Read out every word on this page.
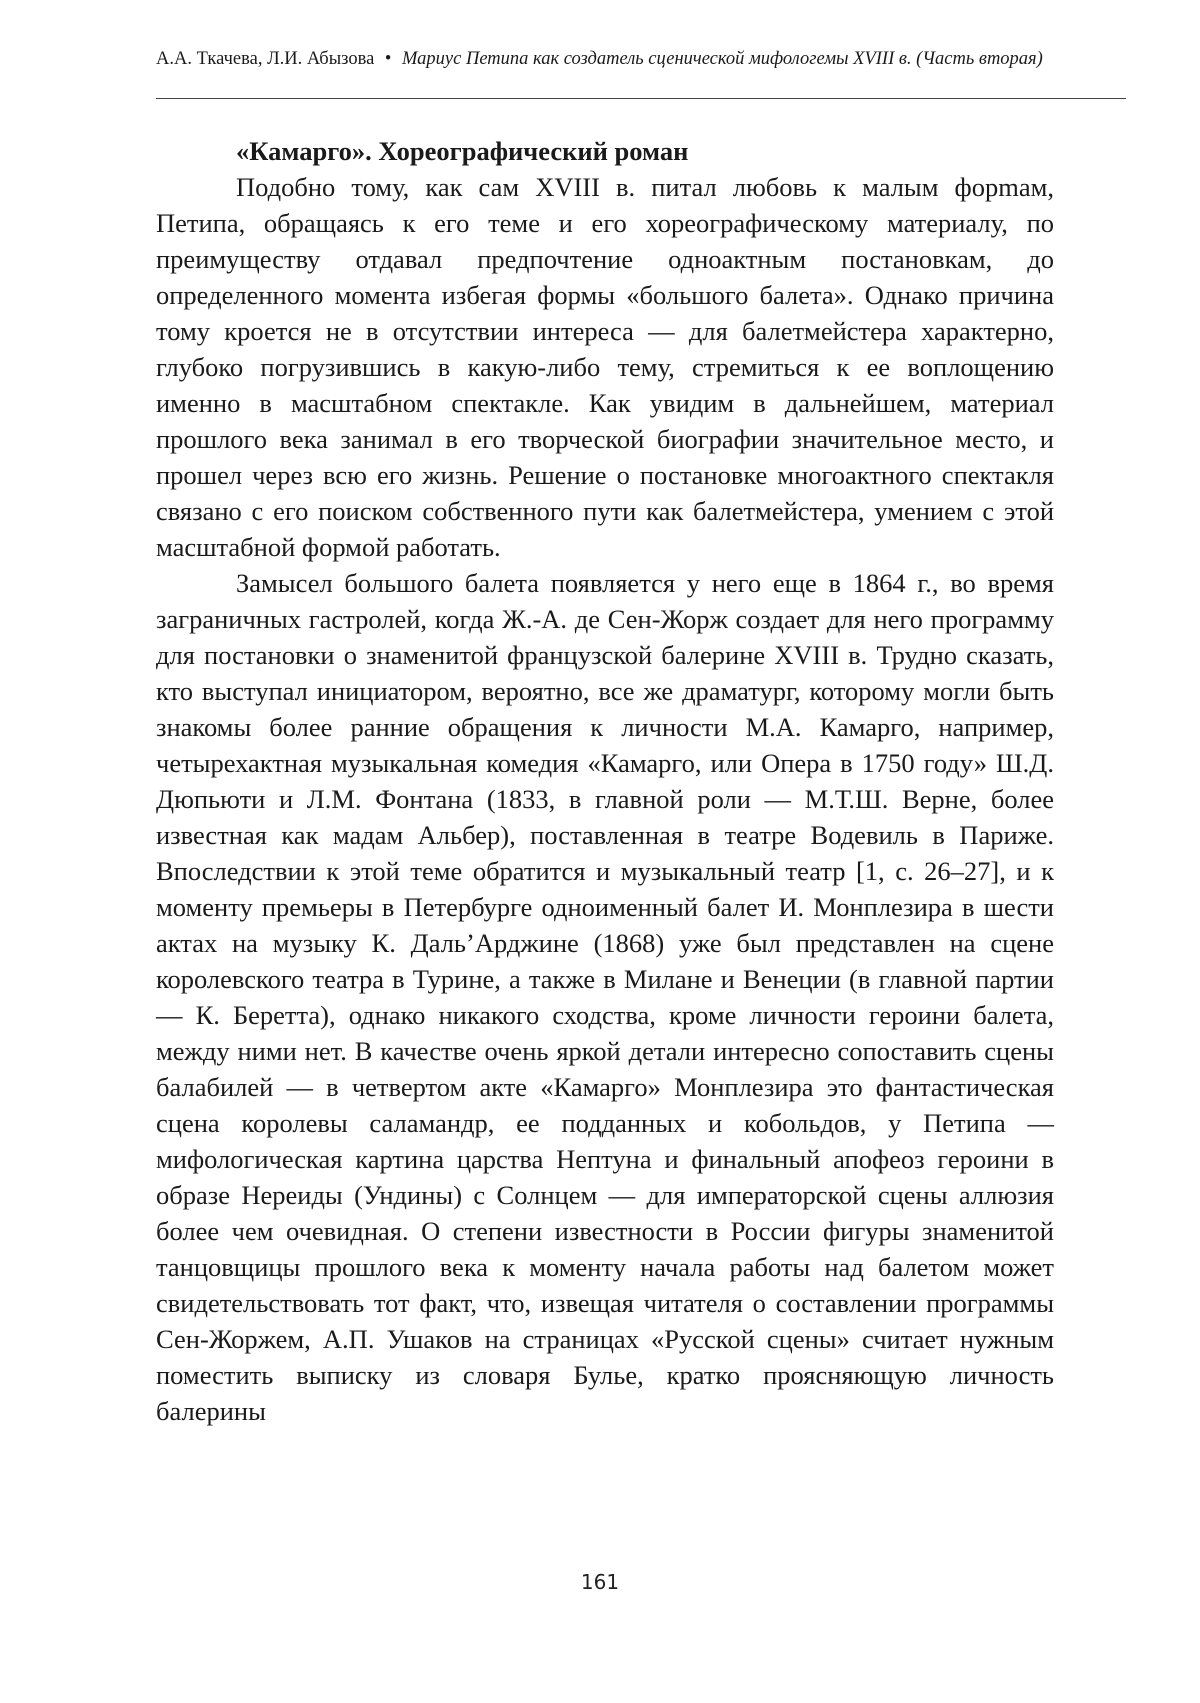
А.А. Ткачева, Л.И. Абызова • Мариус Петипа как создатель сценической мифологемы XVIII в. (Часть вторая)
«Камарго». Хореографический роман

Подобно тому, как сам XVIII в. питал любовь к малым фор­mам, Петипа, обращаясь к его теме и его хореографическому ма­териалу, по преимуществу отдавал предпочтение одноактным по­становкам, до определенного момента избегая формы «большого балета». Однако причина тому кроется не в отсутствии интере­са — для балетмейстера характерно, глубоко погрузившись в ка­кую-либо тему, стремиться к ее воплощению именно в масштаб­ном спектакле. Как увидим в дальнейшем, материал прошлого века занимал в его творческой биографии значительное место, и прошел через всю его жизнь. Решение о постановке многоактного спектакля связано с его поиском собственного пути как балетмей­стера, умением с этой масштабной формой работать.

Замысел большого балета появляется у него еще в 1864 г., во время заграничных гастролей, когда Ж.-А. де Сен-Жорж созда­ет для него программу для постановки о знаменитой французской балерине XVIII в. Трудно сказать, кто выступал инициатором, ве­роятно, все же драматург, которому могли быть знакомы более ран­ние обращения к личности М.А. Камарго, например, четырехактная музыкальная комедия «Камарго, или Опера в 1750 году» Ш.Д. Дю­пьюти и Л.М. Фонтана (1833, в главной роли — М.Т.Ш. Верне, более известная как мадам Альбер), поставленная в театре Во­девиль в Париже. Впоследствии к этой теме обратится и музы­кальный театр [1, с. 26–27], и к моменту премьеры в Петербур­ге одноименный балет И. Монплезира в шести актах на музыку К. Даль’Арджине (1868) уже был представлен на сцене королев­ского театра в Турине, а также в Милане и Венеции (в главной партии — К. Беретта), однако никакого сходства, кроме личности героини балета, между ними нет. В качестве очень яркой дета­ли интересно сопоставить сцены балабилей — в четвертом акте «Камарго» Монплезира это фантастическая сцена королевы сала­мандр, ее подданных и кобольдов, у Петипа — мифологическая картина царства Нептуна и финальный апофеоз героини в образе Нереиды (Ундины) с Солнцем — для императорской сцены аллю­зия более чем очевидная. О степени известности в России фигуры знаменитой танцовщицы прошлого века к моменту начала рабо­ты над балетом может свидетельствовать тот факт, что, извещая читателя о составлении программы Сен-Жоржем, А.П. Ушаков на страницах «Русской сцены» считает нужным поместить выпи­ску из словаря Булье, кратко проясняющую личность балерины

161
